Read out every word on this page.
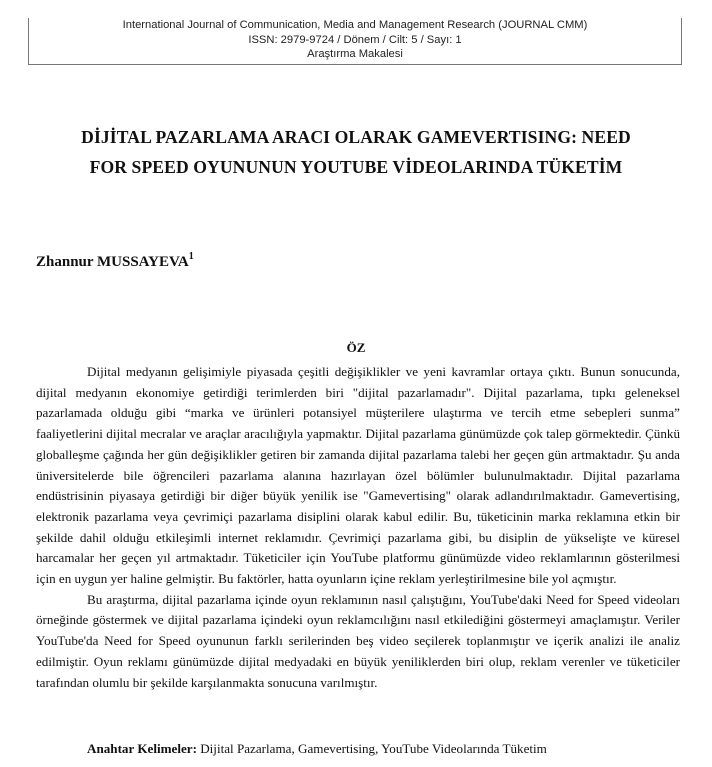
International Journal of Communication, Media and Management Research (JOURNAL CMM)
ISSN: 2979-9724 / Dönem / Cilt: 5 / Sayı: 1
Araştırma Makalesi
DİJİTAL PAZARLAMA ARACI OLARAK GAMEVERTISING: NEED
FOR SPEED OYUNUNUN YOUTUBE VİDEOLARINDA TÜKETİM
Zhannur MUSSAYEVA$^1$
ÖZ

Dijital medyanın gelişimiyle piyasada çeşitli değişiklikler ve yeni kavramlar ortaya çıktı. Bunun sonucunda, dijital medyanın ekonomiye getirdiği terimlerden biri "dijital pazarlamadır". Dijital pazarlama, tıpkı geleneksel pazarlamada olduğu gibi “marka ve ürünleri potansiyel müşterilere ulaştırma ve tercih etme sebepleri sunma” faaliyetlerini dijital mecralar ve araçlar aracılığıyla yapmaktır. Dijital pazarlama günümüzde çok talep görmektedir. Çünkü globalleşme çağında her gün değişiklikler getiren bir zamanda dijital pazarlama talebi her geçen gün artmaktadır. Şu anda üniversitelerde bile öğrencileri pazarlama alanına hazırlayan özel bölümler bulunulmaktadır. Dijital pazarlama endüstrisinin piyasaya getirdiği bir diğer büyük yenilik ise "Gamevertising" olarak adlandırılmaktadır. Gamevertising, elektronik pazarlama veya çevrimiçi pazarlama disiplini olarak kabul edilir. Bu, tüketicinin marka reklamına etkin bir şekilde dahil olduğu etkileşimli internet reklamıdır. Çevrimiçi pazarlama gibi, bu disiplin de yükselişte ve küresel harcamalar her geçen yıl artmaktadır. Tüketiciler için YouTube platformu günümüzde video reklamlarının gösterilmesi için en uygun yer haline gelmiştir. Bu faktörler, hatta oyunların içine reklam yerleştirilmesine bile yol açmıştır.

Bu araştırma, dijital pazarlama içinde oyun reklamının nasıl çalıştığını, YouTube'daki Need for Speed videoları örneğinde göstermek ve dijital pazarlama içindeki oyun reklamcılığını nasıl etkilediğini göstermeyi amaçlamıştır. Veriler YouTube'da Need for Speed oyununun farklı serilerinden beş video seçilerek toplanmıştır ve içerik analizi ile analiz edilmiştir. Oyun reklamı günümüzde dijital medyadaki en büyük yeniliklerden biri olup, reklam verenler ve tüketiciler tarafından olumlu bir şekilde karşılanmakta sonucuna varılmıştır.

Anahtar Kelimeler: Dijital Pazarlama, Gamevertising, YouTube Videolarında Tüketim
